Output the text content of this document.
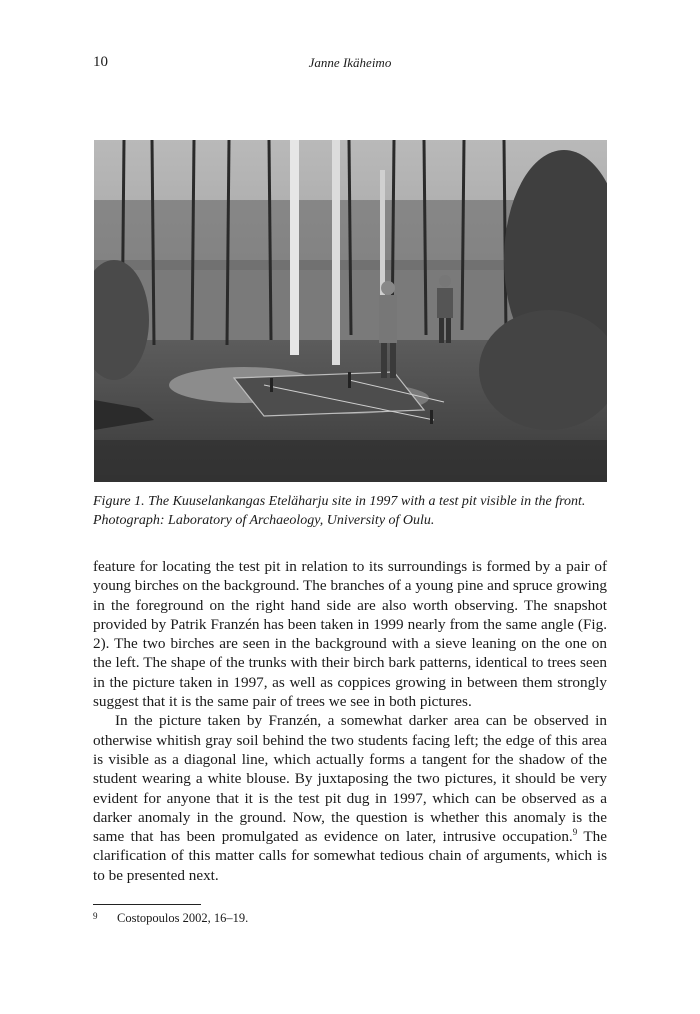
10	Janne Ikäheimo

Figure 1. The Kuuselankangas Eteläharju site in 1997 with a test pit visible in the front.
Photograph: Laboratory of Archaeology, University of Oulu.

feature for locating the test pit in relation to its surroundings is formed by a pair of young birches on the background. The branches of a young pine and spruce growing in the foreground on the right hand side are also worth observing. The snapshot provided by Patrik Franzén has been taken in 1999 nearly from the same angle (Fig. 2). The two birches are seen in the background with a sieve leaning on the one on the left. The shape of the trunks with their birch bark patterns, identical to trees seen in the picture taken in 1997, as well as coppices growing in between them strongly suggest that it is the same pair of trees we see in both pictures.

In the picture taken by Franzén, a somewhat darker area can be observed in otherwise whitish gray soil behind the two students facing left; the edge of this area is visible as a diagonal line, which actually forms a tangent for the shadow of the student wearing a white blouse. By juxtaposing the two pictures, it should be very evident for anyone that it is the test pit dug in 1997, which can be observed as a darker anomaly in the ground. Now, the question is whether this anomaly is the same that has been promulgated as evidence on later, intrusive occupation.$^9$ The clarification of this matter calls for somewhat tedious chain of arguments, which is to be presented next.

9 Costopoulos 2002, 16–19.
